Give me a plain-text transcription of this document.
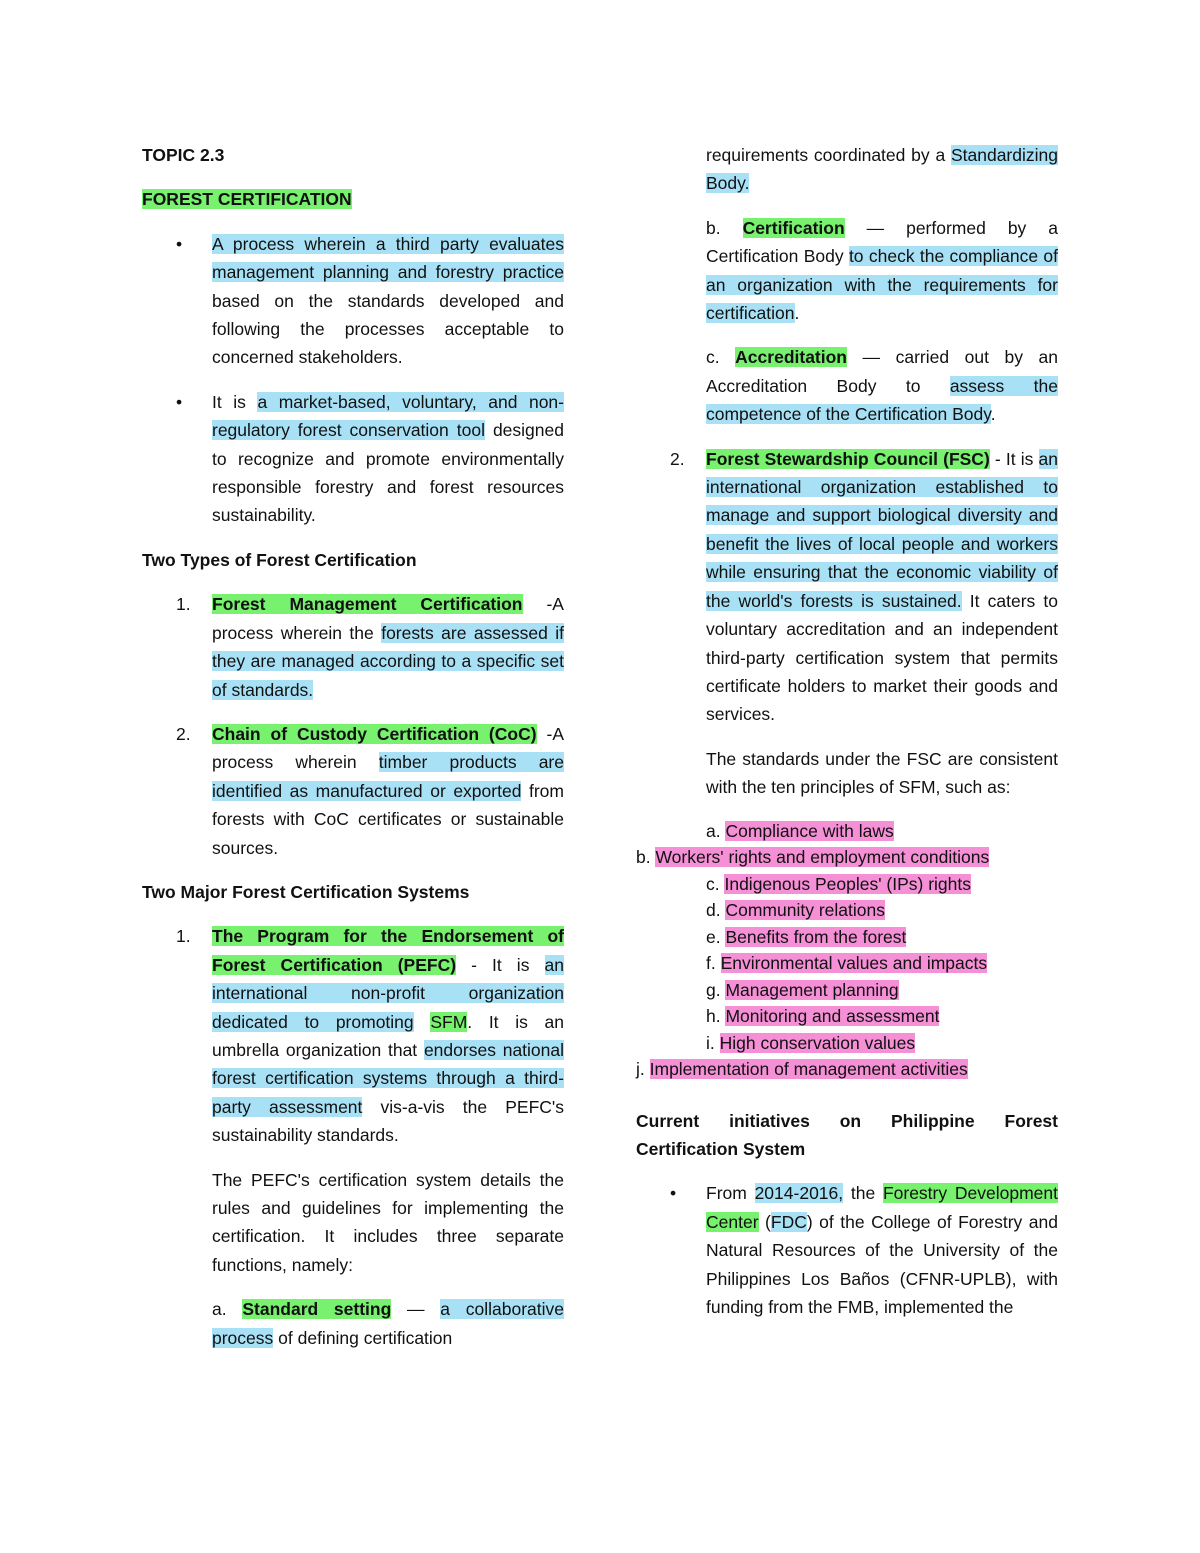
TOPIC 2.3

FOREST CERTIFICATION

• A process wherein a third party evaluates management planning and forestry practice based on the standards developed and following the processes acceptable to concerned stakeholders.
• It is a market-based, voluntary, and non-regulatory forest conservation tool designed to recognize and promote environmentally responsible forestry and forest resources sustainability.

Two Types of Forest Certification

1. Forest Management Certification -A process wherein the forests are assessed if they are managed according to a specific set of standards.
2. Chain of Custody Certification (CoC) -A process wherein timber products are identified as manufactured or exported from forests with CoC certificates or sustainable sources.

Two Major Forest Certification Systems

1. The Program for the Endorsement of Forest Certification (PEFC) - It is an international non-profit organization dedicated to promoting SFM. It is an umbrella organization that endorses national forest certification systems through a third-party assessment vis-a-vis the PEFC's sustainability standards.

The PEFC's certification system details the rules and guidelines for implementing the certification. It includes three separate functions, namely:

a. Standard setting — a collaborative process of defining certification

requirements coordinated by a Standardizing Body.

b. Certification — performed by a Certification Body to check the compliance of an organization with the requirements for certification.

c. Accreditation — carried out by an Accreditation Body to assess the competence of the Certification Body.

2. Forest Stewardship Council (FSC) - It is an international organization established to manage and support biological diversity and benefit the lives of local people and workers while ensuring that the economic viability of the world's forests is sustained. It caters to voluntary accreditation and an independent third-party certification system that permits certificate holders to market their goods and services.

The standards under the FSC are consistent with the ten principles of SFM, such as:

a. Compliance with laws
b. Workers' rights and employment conditions
c. Indigenous Peoples' (IPs) rights
d. Community relations
e. Benefits from the forest
f. Environmental values and impacts
g. Management planning
h. Monitoring and assessment
i. High conservation values
j. Implementation of management activities

Current initiatives on Philippine Forest Certification System

• From 2014-2016, the Forestry Development Center (FDC) of the College of Forestry and Natural Resources of the University of the Philippines Los Baños (CFNR-UPLB), with funding from the FMB, implemented the
